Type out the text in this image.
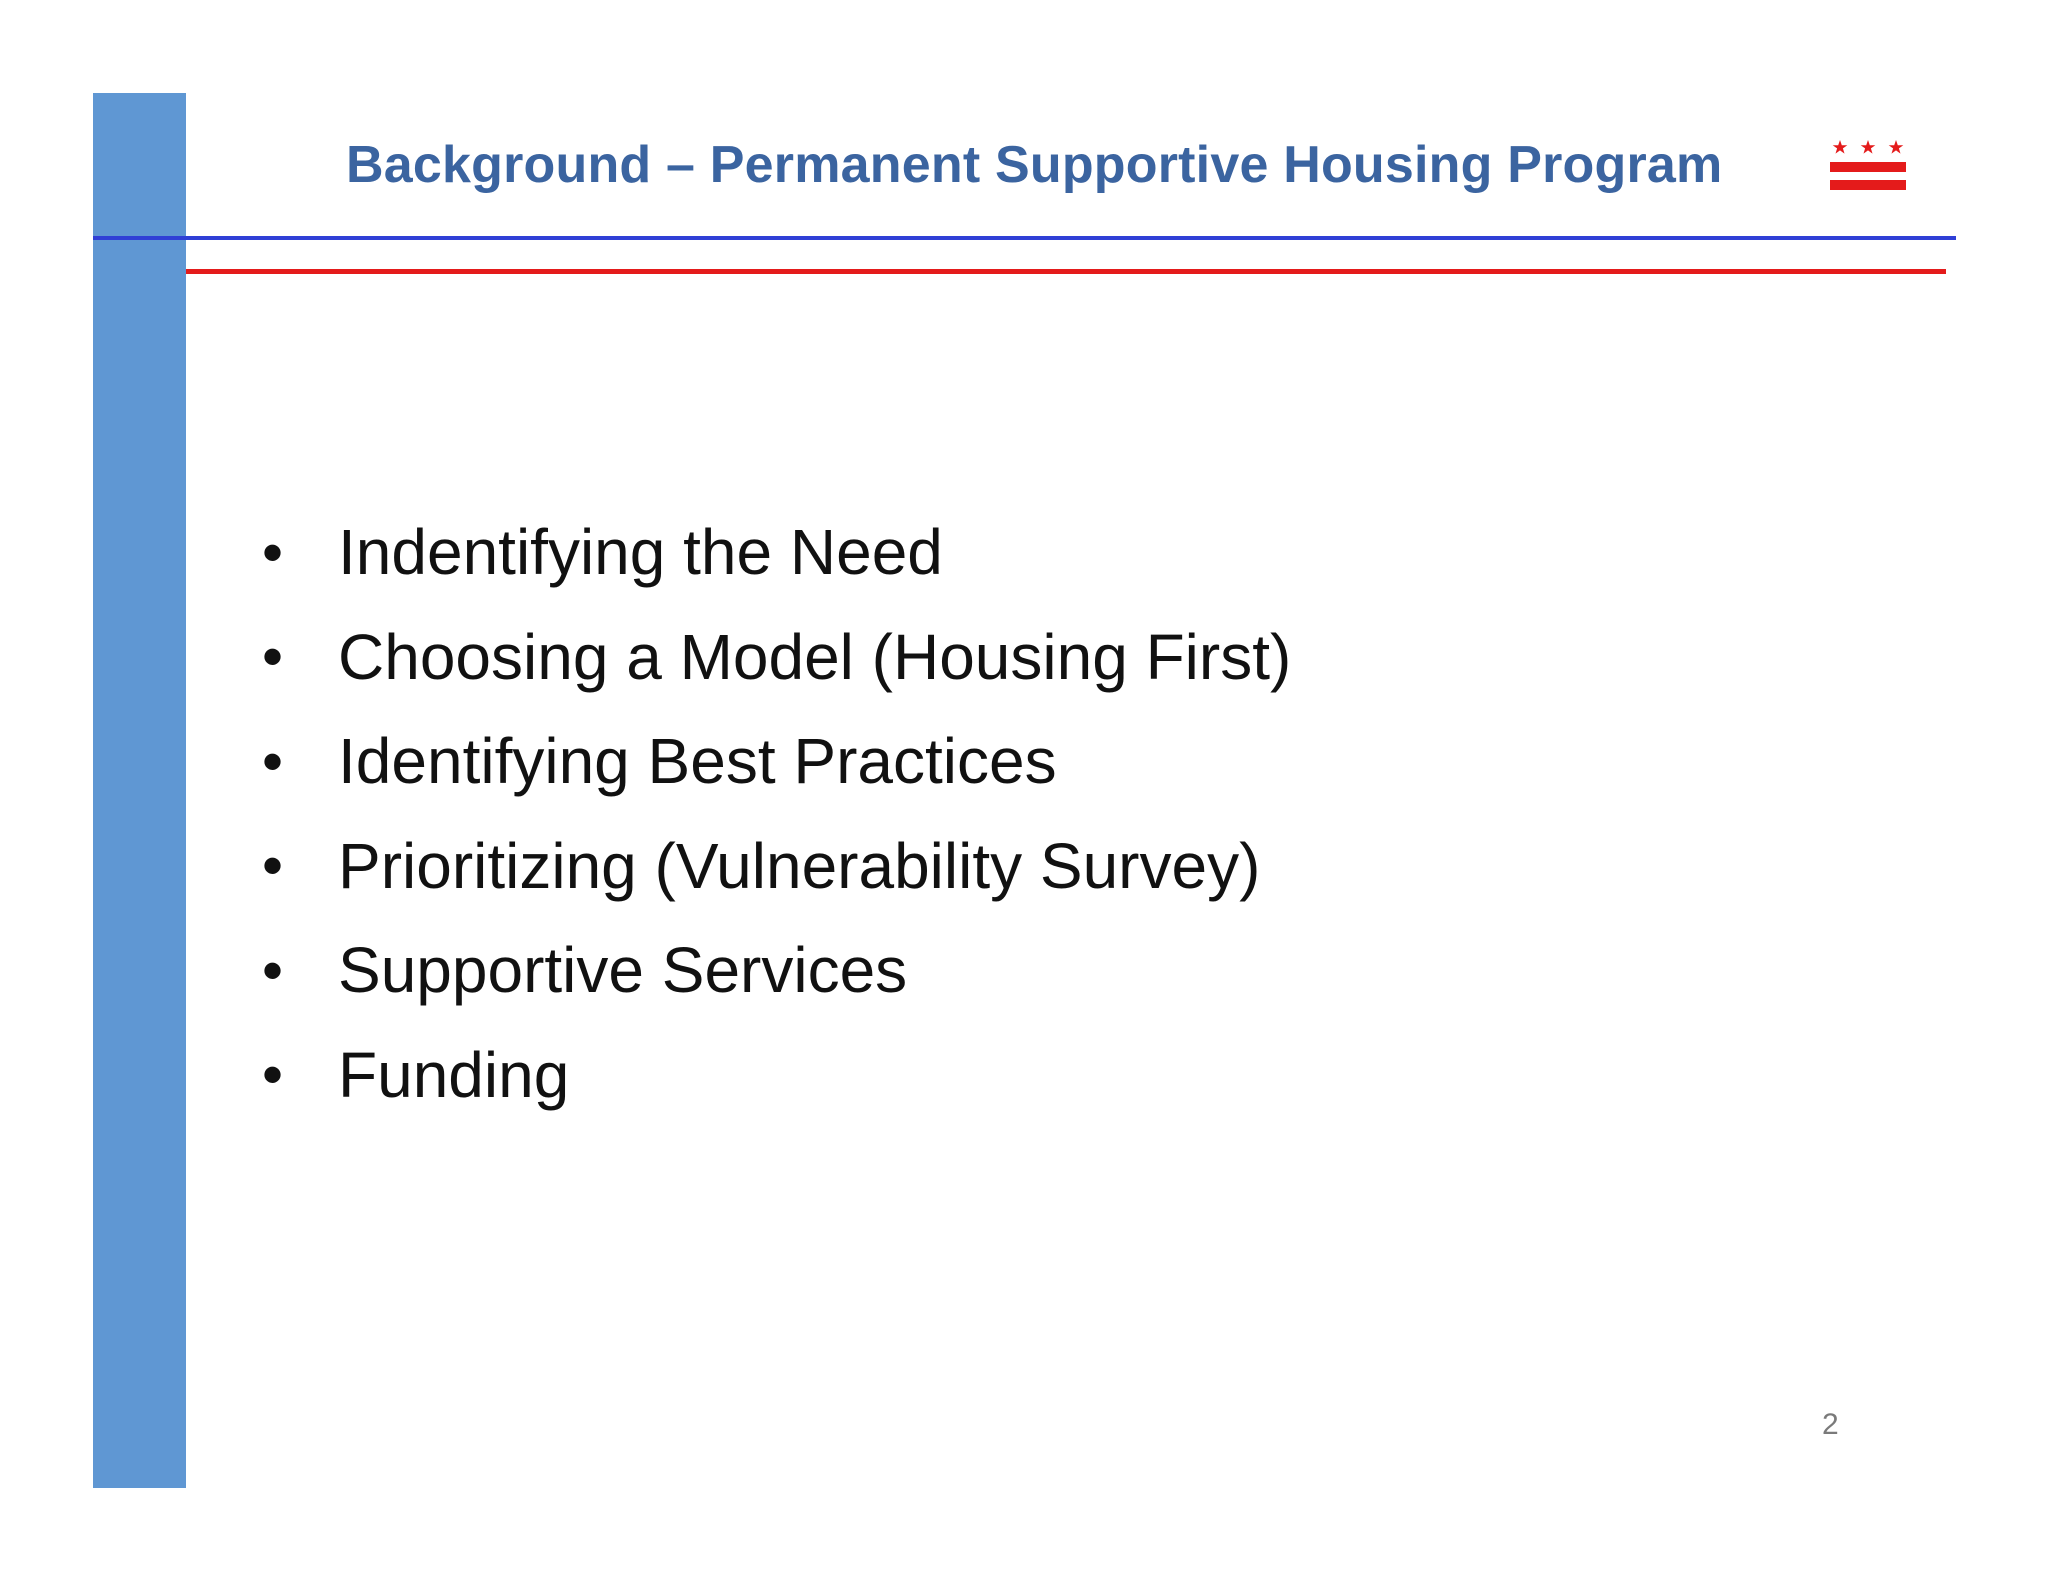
Background – Permanent Supportive Housing Program
• Indentifying the Need
• Choosing a Model (Housing First)
• Identifying Best Practices
• Prioritizing (Vulnerability Survey)
• Supportive Services
• Funding
2
